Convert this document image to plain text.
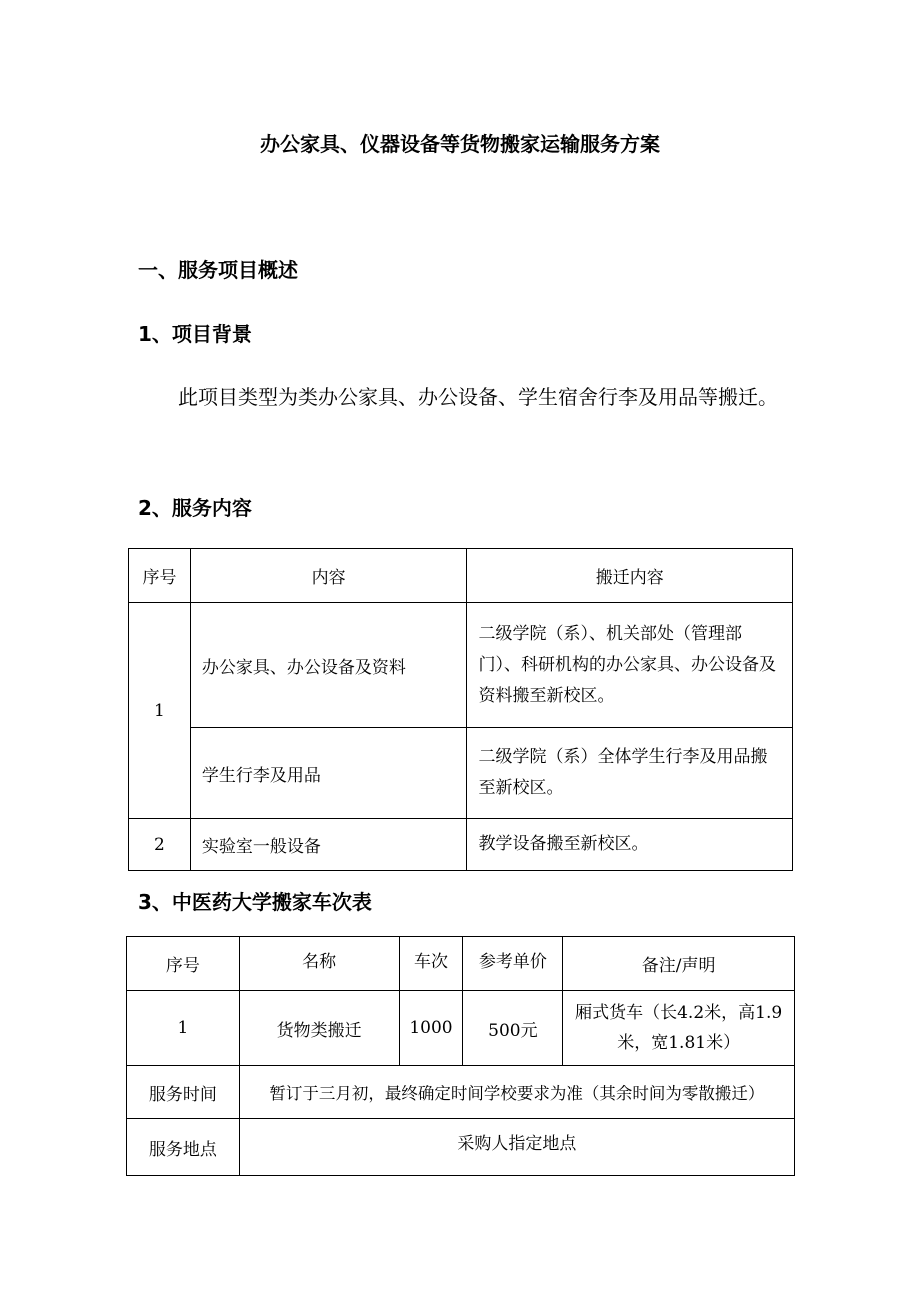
办公家具、仪器设备等货物搬家运输服务方案
一、服务项目概述
1、项目背景
此项目类型为类办公家具、办公设备、学生宿舍行李及用品等搬迁。
2、服务内容
序号	内容	搬迁内容
1	办公家具、办公设备及资料	二级学院（系）、机关部处（管理部门）、科研机构的办公家具、办公设备及资料搬至新校区。
	学生行李及用品	二级学院（系）全体学生行李及用品搬至新校区。
2	实验室一般设备	教学设备搬至新校区。
3、中医药大学搬家车次表
序号	名称	车次	参考单价	备注/声明
1	货物类搬迁	1000	500元	厢式货车（长4.2米，高1.9米，宽1.81米）
服务时间	暂订于三月初，最终确定时间学校要求为准（其余时间为零散搬迁）			
服务地点	采购人指定地点			
